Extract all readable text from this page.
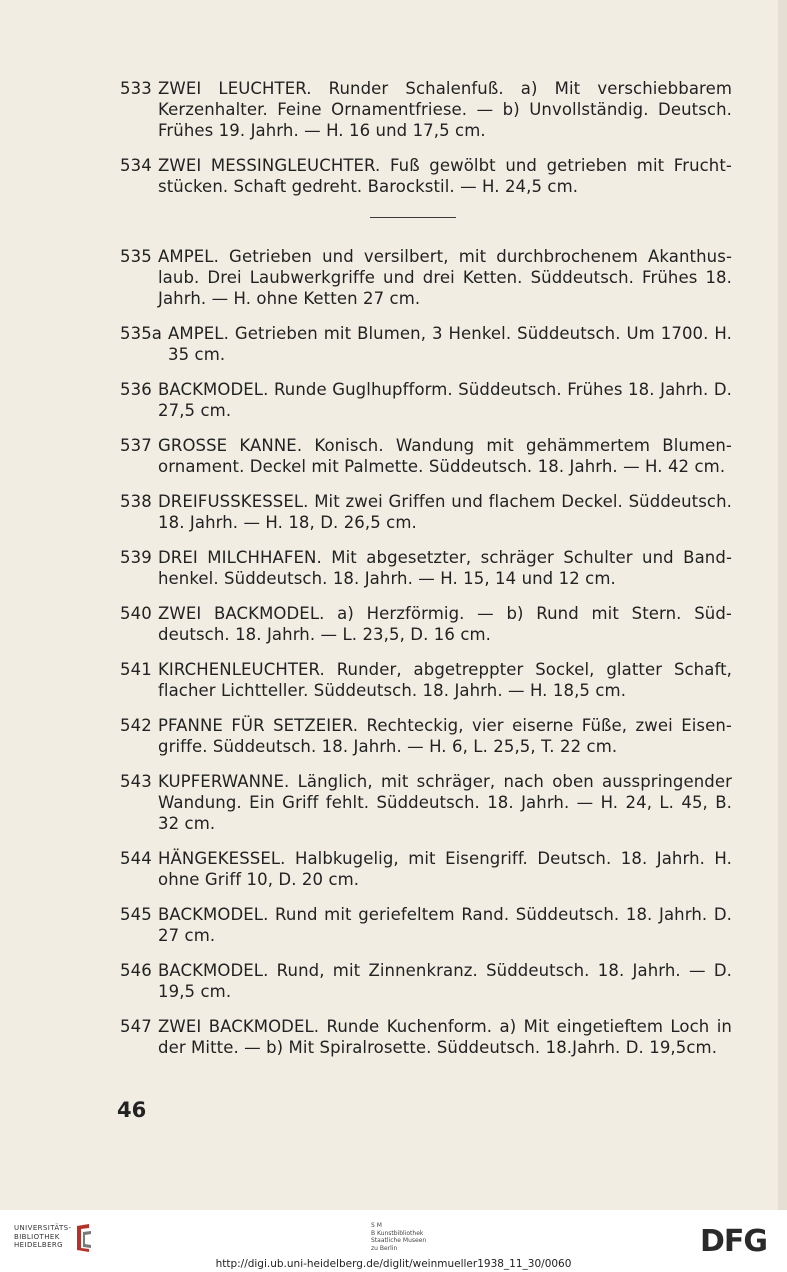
533 ZWEI LEUCHTER. Runder Schalenfuß. a) Mit verschiebbarem Kerzenhalter. Feine Ornamentfriese. — b) Unvollständig. Deutsch. Frühes 19. Jahrh. — H. 16 und 17,5 cm.
534 ZWEI MESSINGLEUCHTER. Fuß gewölbt und getrieben mit Frucht-stücken. Schaft gedreht. Barockstil. — H. 24,5 cm.
535 AMPEL. Getrieben und versilbert, mit durchbrochenem Akanthus-laub. Drei Laubwerkgriffe und drei Ketten. Süddeutsch. Frühes 18. Jahrh. — H. ohne Ketten 27 cm.
535a AMPEL. Getrieben mit Blumen, 3 Henkel. Süddeutsch. Um 1700. H. 35 cm.
536 BACKMODEL. Runde Guglhupfform. Süddeutsch. Frühes 18. Jahrh. D. 27,5 cm.
537 GROSSE KANNE. Konisch. Wandung mit gehämmertem Blumen-ornament. Deckel mit Palmette. Süddeutsch. 18. Jahrh. — H. 42 cm.
538 DREIFUSSKESSEL. Mit zwei Griffen und flachem Deckel. Süddeutsch. 18. Jahrh. — H. 18, D. 26,5 cm.
539 DREI MILCHHAFEN. Mit abgesetzter, schräger Schulter und Band-henkel. Süddeutsch. 18. Jahrh. — H. 15, 14 und 12 cm.
540 ZWEI BACKMODEL. a) Herzförmig. — b) Rund mit Stern. Süd-deutsch. 18. Jahrh. — L. 23,5, D. 16 cm.
541 KIRCHENLEUCHTER. Runder, abgetreppter Sockel, glatter Schaft, flacher Lichtteller. Süddeutsch. 18. Jahrh. — H. 18,5 cm.
542 PFANNE FÜR SETZEIER. Rechteckig, vier eiserne Füße, zwei Eisen-griffe. Süddeutsch. 18. Jahrh. — H. 6, L. 25,5, T. 22 cm.
543 KUPFERWANNE. Länglich, mit schräger, nach oben ausspringender Wandung. Ein Griff fehlt. Süddeutsch. 18. Jahrh. — H. 24, L. 45, B. 32 cm.
544 HÄNGEKESSEL. Halbkugelig, mit Eisengriff. Deutsch. 18. Jahrh. H. ohne Griff 10, D. 20 cm.
545 BACKMODEL. Rund mit geriefeltem Rand. Süddeutsch. 18. Jahrh. D. 27 cm.
546 BACKMODEL. Rund, mit Zinnenkranz. Süddeutsch. 18. Jahrh. — D. 19,5 cm.
547 ZWEI BACKMODEL. Runde Kuchenform. a) Mit eingetieftem Loch in der Mitte. — b) Mit Spiralrosette. Süddeutsch. 18.Jahrh. D. 19,5cm.
46
UNIVERSITÄTS-
BIBLIOTHEK
HEIDELBERG
S M
B Kunstbibliothek
Staatliche Museen
zu Berlin	DFG
http://digi.ub.uni-heidelberg.de/diglit/weinmueller1938_11_30/0060
